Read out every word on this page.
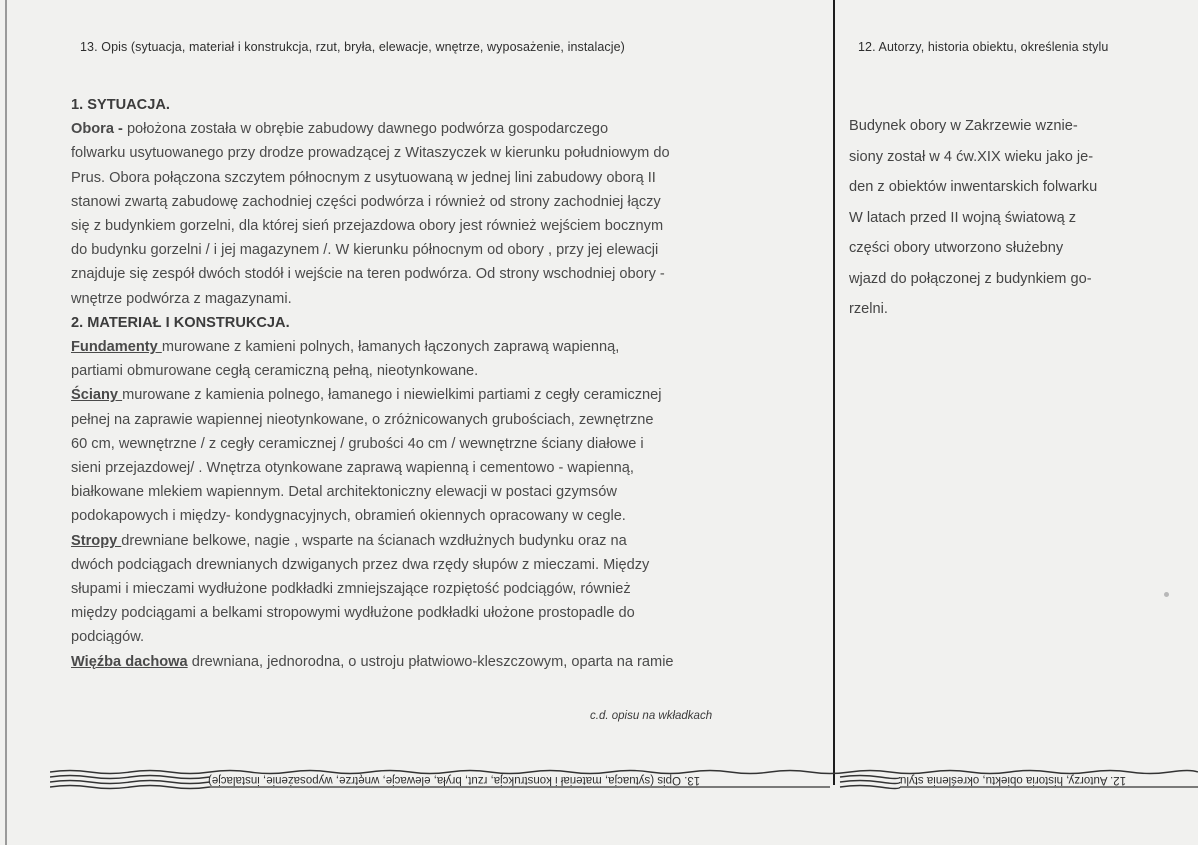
13. Opis (sytuacja, materiał i konstrukcja, rzut, bryła, elewacje, wnętrze, wyposażenie, instalacje)	12. Autorzy, historia obiektu, określenia stylu

1. SYTUACJA.

Obora - położona została w obrębie zabudowy dawnego podwórza gospodarczego

folwarku usytuowanego przy drodze prowadzącej z Witaszyczek w kierunku południowym do

Prus. Obora połączona szczytem północnym z usytuowaną w jednej lini zabudowy oborą II

stanowi zwartą zabudowę zachodniej części podwórza i również od strony zachodniej łączy

się z budynkiem gorzelni, dla której sień przejazdowa obory jest również wejściem bocznym

do budynku gorzelni / i jej magazynem /. W kierunku północnym od obory , przy jej elewacji

znajduje się zespół dwóch stodół i wejście na teren podwórza. Od strony wschodniej obory -

wnętrze podwórza z magazynami.

2. MATERIAŁ I KONSTRUKCJA.

Fundamenty murowane z kamieni polnych, łamanych łączonych zaprawą wapienną,

partiami obmurowane cegłą ceramiczną pełną, nieotynkowane.

Ściany murowane z kamienia polnego, łamanego i niewielkimi partiami z cegły ceramicznej

pełnej na zaprawie wapiennej nieotynkowane, o zróżnicowanych grubościach, zewnętrzne

60 cm, wewnętrzne / z cegły ceramicznej / grubości 4o cm / wewnętrzne ściany diałowe i

sieni przejazdowej/ . Wnętrza otynkowane zaprawą wapienną i cementowo - wapienną,

białkowane mlekiem wapiennym. Detal architektoniczny elewacji w postaci gzymsów

podokapowych i między- kondygnacyjnych, obramień okiennych opracowany w cegle.

Stropy drewniane belkowe, nagie , wsparte na ścianach wzdłużnych budynku oraz na

dwóch podciągach drewnianych dzwiganych przez dwa rzędy słupów z mieczami. Między

słupami i mieczami wydłużone podkładki zmniejszające rozpiętość podciągów, również

między podciągami a belkami stropowymi wydłużone podkładki ułożone prostopadle do

podciągów.

Więźba dachowa drewniana, jednorodna, o ustroju płatwiowo-kleszczowym, oparta na ramie

c.d. opisu na wkładkach

Budynek obory w Zakrzewie wznie-

siony został w 4 ćw.XIX wieku jako je-

den z obiektów inwentarskich folwarku

W latach przed II wojną światową z

części obory utworzono służebny

wjazd do połączonej z budynkiem go-

rzelni.

13. Opis (sytuacja, materiał i konstrukcja, rzut, bryła, elewacje, wnętrze, wyposażenie, instalacje)	12. Autorzy, historia obiektu, określenia stylu
